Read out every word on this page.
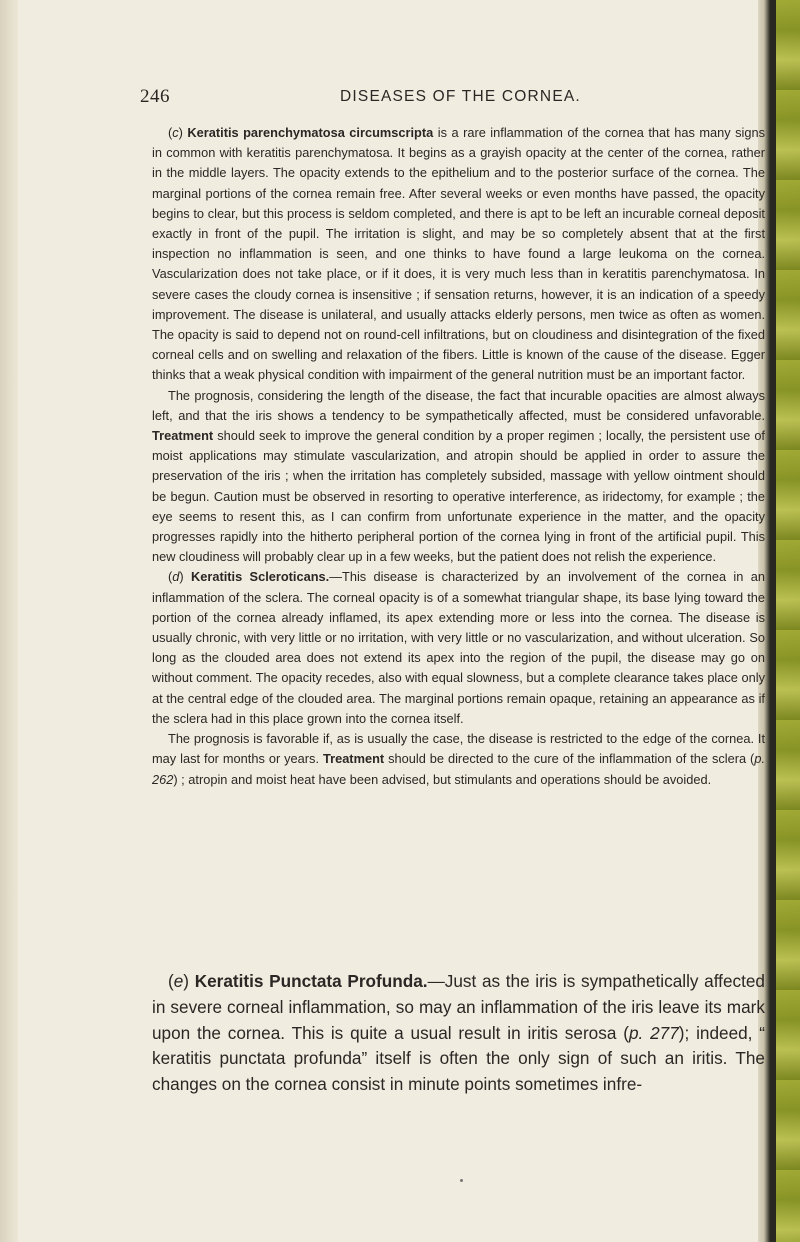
246	DISEASES OF THE CORNEA.

(c) Keratitis parenchymatosa circumscripta is a rare inflammation of the cornea that has many signs in common with keratitis parenchymatosa. It begins as a grayish opacity at the center of the cornea, rather in the middle layers. The opacity extends to the epithelium and to the posterior surface of the cornea. The marginal portions of the cornea remain free. After several weeks or even months have passed, the opacity begins to clear, but this process is seldom completed, and there is apt to be left an incurable corneal deposit exactly in front of the pupil. The irritation is slight, and may be so completely absent that at the first inspection no inflammation is seen, and one thinks to have found a large leukoma on the cornea. Vascularization does not take place, or if it does, it is very much less than in keratitis parenchymatosa. In severe cases the cloudy cornea is insensitive ; if sensation returns, however, it is an indication of a speedy improvement. The disease is unilateral, and usually attacks elderly persons, men twice as often as women. The opacity is said to depend not on round-cell infiltrations, but on cloudiness and disintegration of the fixed corneal cells and on swelling and relaxation of the fibers. Little is known of the cause of the disease. Egger thinks that a weak physical condition with impairment of the general nutrition must be an important factor.

The prognosis, considering the length of the disease, the fact that incurable opacities are almost always left, and that the iris shows a tendency to be sympathetically affected, must be considered unfavorable. Treatment should seek to improve the general condition by a proper regimen ; locally, the persistent use of moist applications may stimulate vascularization, and atropin should be applied in order to assure the preservation of the iris ; when the irritation has completely subsided, massage with yellow ointment should be begun. Caution must be observed in resorting to operative interference, as iridectomy, for example ; the eye seems to resent this, as I can confirm from unfortunate experience in the matter, and the opacity progresses rapidly into the hitherto peripheral portion of the cornea lying in front of the artificial pupil. This new cloudiness will probably clear up in a few weeks, but the patient does not relish the experience.

(d) Keratitis Scleroticans.—This disease is characterized by an involvement of the cornea in an inflammation of the sclera. The corneal opacity is of a somewhat triangular shape, its base lying toward the portion of the cornea already inflamed, its apex extending more or less into the cornea. The disease is usually chronic, with very little or no irritation, with very little or no vascularization, and without ulceration. So long as the clouded area does not extend its apex into the region of the pupil, the disease may go on without comment. The opacity recedes, also with equal slowness, but a complete clearance takes place only at the central edge of the clouded area. The marginal portions remain opaque, retaining an appearance as if the sclera had in this place grown into the cornea itself.

The prognosis is favorable if, as is usually the case, the disease is restricted to the edge of the cornea. It may last for months or years. Treatment should be directed to the cure of the inflammation of the sclera (p. 262) ; atropin and moist heat have been advised, but stimulants and operations should be avoided.

(e) Keratitis Punctata Profunda.—Just as the iris is sympathetically affected in severe corneal inflammation, so may an inflammation of the iris leave its mark upon the cornea. This is quite a usual result in iritis serosa (p. 277); indeed, “ keratitis punctata profunda” itself is often the only sign of such an iritis. The changes on the cornea consist in minute points sometimes infre-
